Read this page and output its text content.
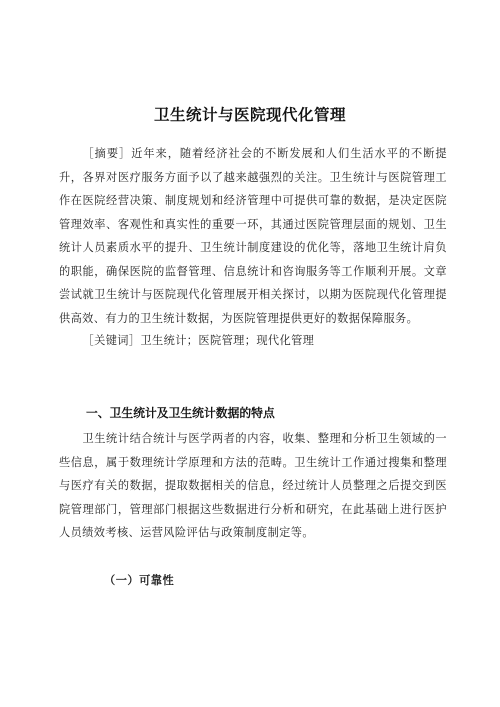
卫生统计与医院现代化管理

［摘要］近年来，随着经济社会的不断发展和人们生活水平的不断提升，各界对医疗服务方面予以了越来越强烈的关注。卫生统计与医院管理工作在医院经营决策、制度规划和经济管理中可提供可靠的数据，是决定医院管理效率、客观性和真实性的重要一环，其通过医院管理层面的规划、卫生统计人员素质水平的提升、卫生统计制度建设的优化等，落地卫生统计肩负的职能，确保医院的监督管理、信息统计和咨询服务等工作顺利开展。文章尝试就卫生统计与医院现代化管理展开相关探讨，以期为医院现代化管理提供高效、有力的卫生统计数据，为医院管理提供更好的数据保障服务。

［关键词］卫生统计；医院管理；现代化管理

一、卫生统计及卫生统计数据的特点

卫生统计结合统计与医学两者的内容，收集、整理和分析卫生领域的一些信息，属于数理统计学原理和方法的范畴。卫生统计工作通过搜集和整理与医疗有关的数据，提取数据相关的信息，经过统计人员整理之后提交到医院管理部门，管理部门根据这些数据进行分析和研究，在此基础上进行医护人员绩效考核、运营风险评估与政策制度制定等。

（一）可靠性
